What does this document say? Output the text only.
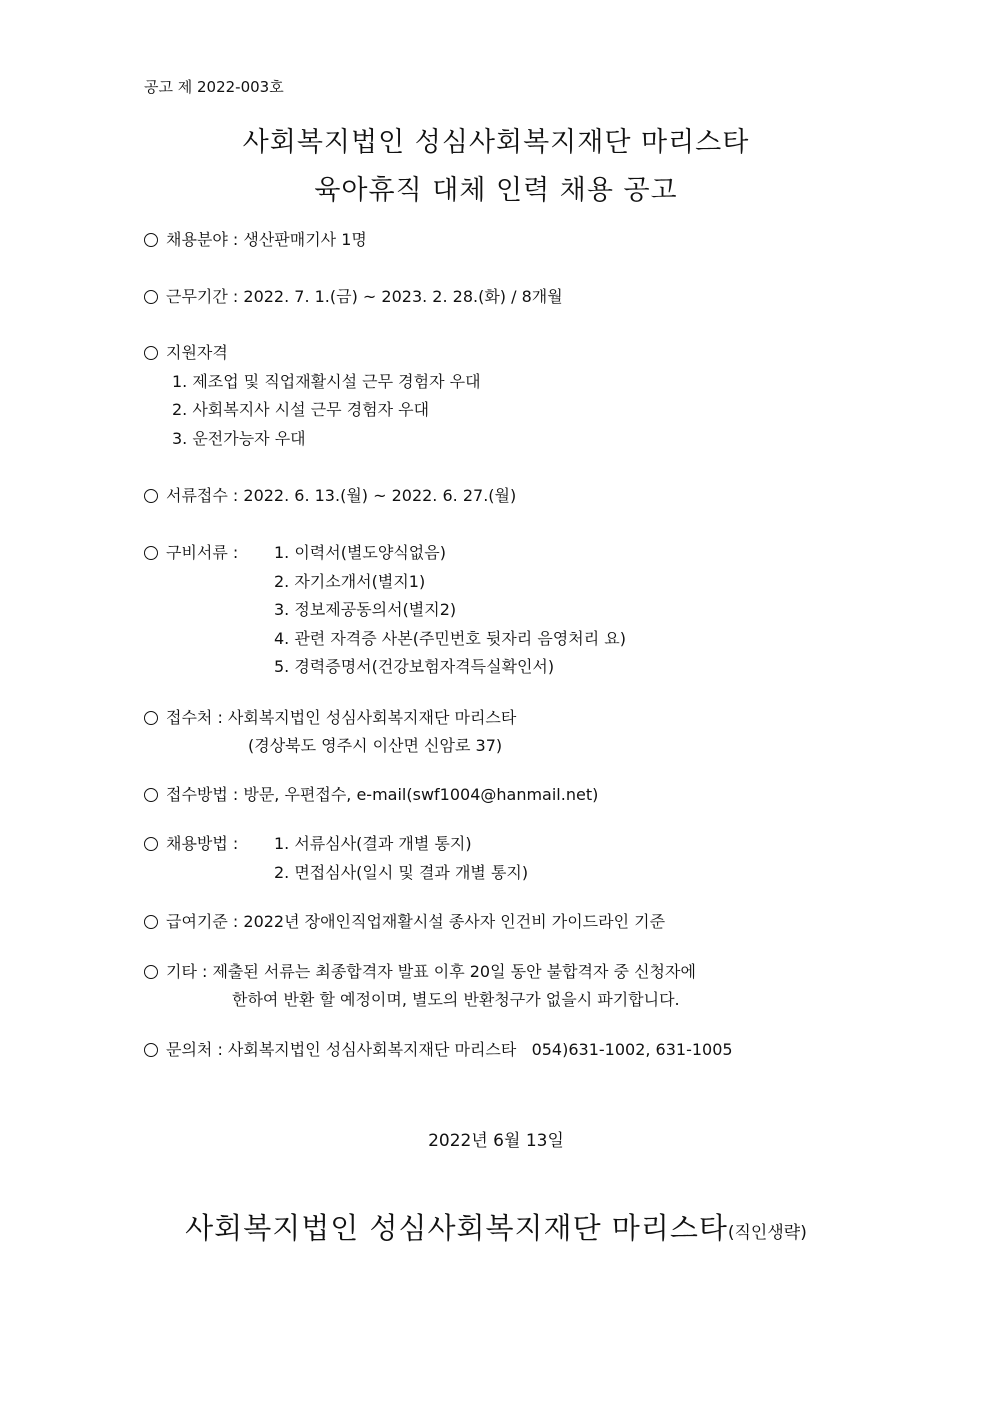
공고 제 2022-003호
사회복지법인 성심사회복지재단 마리스타
육아휴직 대체 인력 채용 공고
채용분야 : 생산판매기사 1명
근무기간 : 2022. 7. 1.(금) ~ 2023. 2. 28.(화) / 8개월
지원자격
1. 제조업 및 직업재활시설 근무 경험자 우대
2. 사회복지사 시설 근무 경험자 우대
3. 운전가능자 우대
서류접수 : 2022. 6. 13.(월) ~ 2022. 6. 27.(월)
구비서류 : 1. 이력서(별도양식없음)
2. 자기소개서(별지1)
3. 정보제공동의서(별지2)
4. 관련 자격증 사본(주민번호 뒷자리 음영처리 요)
5. 경력증명서(건강보험자격득실확인서)
접수처 : 사회복지법인 성심사회복지재단 마리스타
(경상북도 영주시 이산면 신암로 37)
접수방법 : 방문, 우편접수, e-mail(swf1004@hanmail.net)
채용방법 : 1. 서류심사(결과 개별 통지)
2. 면접심사(일시 및 결과 개별 통지)
급여기준 : 2022년 장애인직업재활시설 종사자 인건비 가이드라인 기준
기타 : 제출된 서류는 최종합격자 발표 이후 20일 동안 불합격자 중 신청자에
한하여 반환 할 예정이며, 별도의 반환청구가 없을시 파기합니다.
문의처 : 사회복지법인 성심사회복지재단 마리스타   054)631-1002, 631-1005
2022년 6월 13일
사회복지법인 성심사회복지재단 마리스타(직인생략)
